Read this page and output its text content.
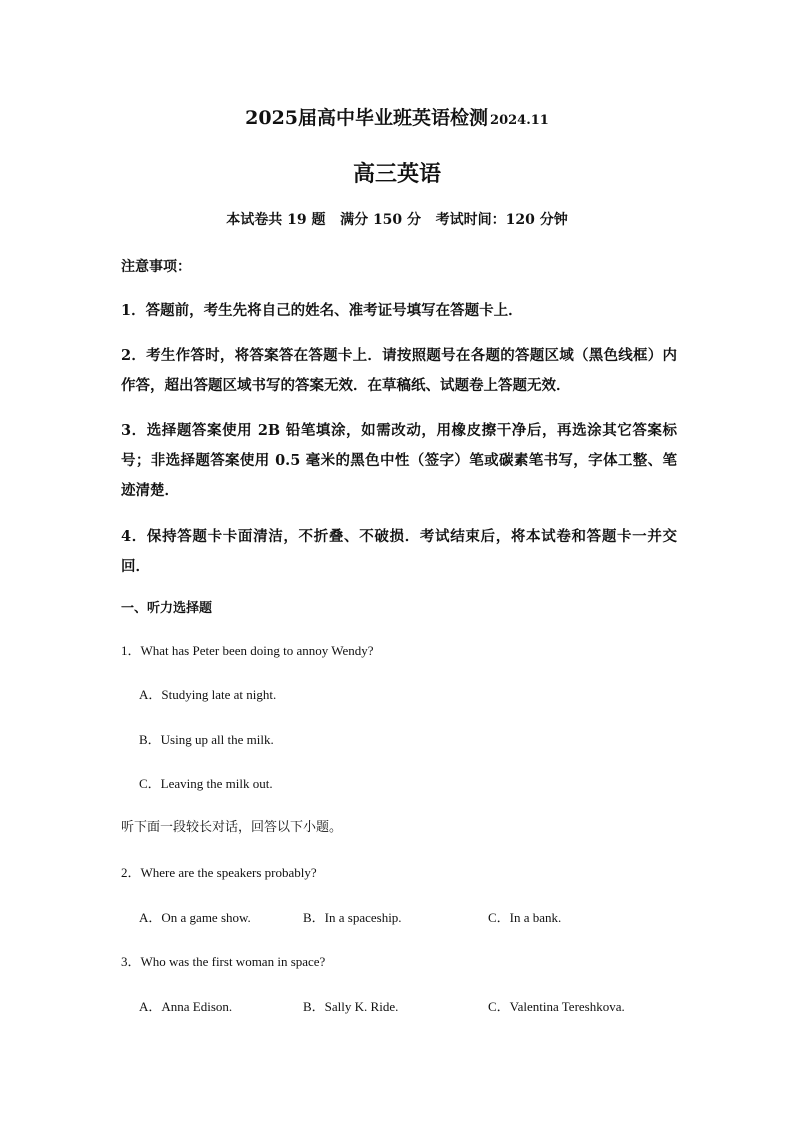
2025届高中毕业班英语检测 2024.11
高三英语
本试卷共 19 题   满分 150 分   考试时间：120 分钟
注意事项：
1．答题前，考生先将自己的姓名、准考证号填写在答题卡上．
2．考生作答时，将答案答在答题卡上．请按照题号在各题的答题区域（黑色线框）内作答，超出答题区域书写的答案无效．在草稿纸、试题卷上答题无效．
3．选择题答案使用 2B 铅笔填涂，如需改动，用橡皮擦干净后，再选涂其它答案标号；非选择题答案使用 0.5 毫米的黑色中性（签字）笔或碳素笔书写，字体工整、笔迹清楚．
4．保持答题卡卡面清洁，不折叠、不破损．考试结束后，将本试卷和答题卡一并交回．
一、听力选择题
1．What has Peter been doing to annoy Wendy?
A．Studying late at night.
B．Using up all the milk.
C．Leaving the milk out.
听下面一段较长对话，回答以下小题。
2．Where are the speakers probably?
A．On a game show.	B．In a spaceship.	C．In a bank.
3．Who was the first woman in space?
A．Anna Edison.	B．Sally K. Ride.	C．Valentina Tereshkova.
